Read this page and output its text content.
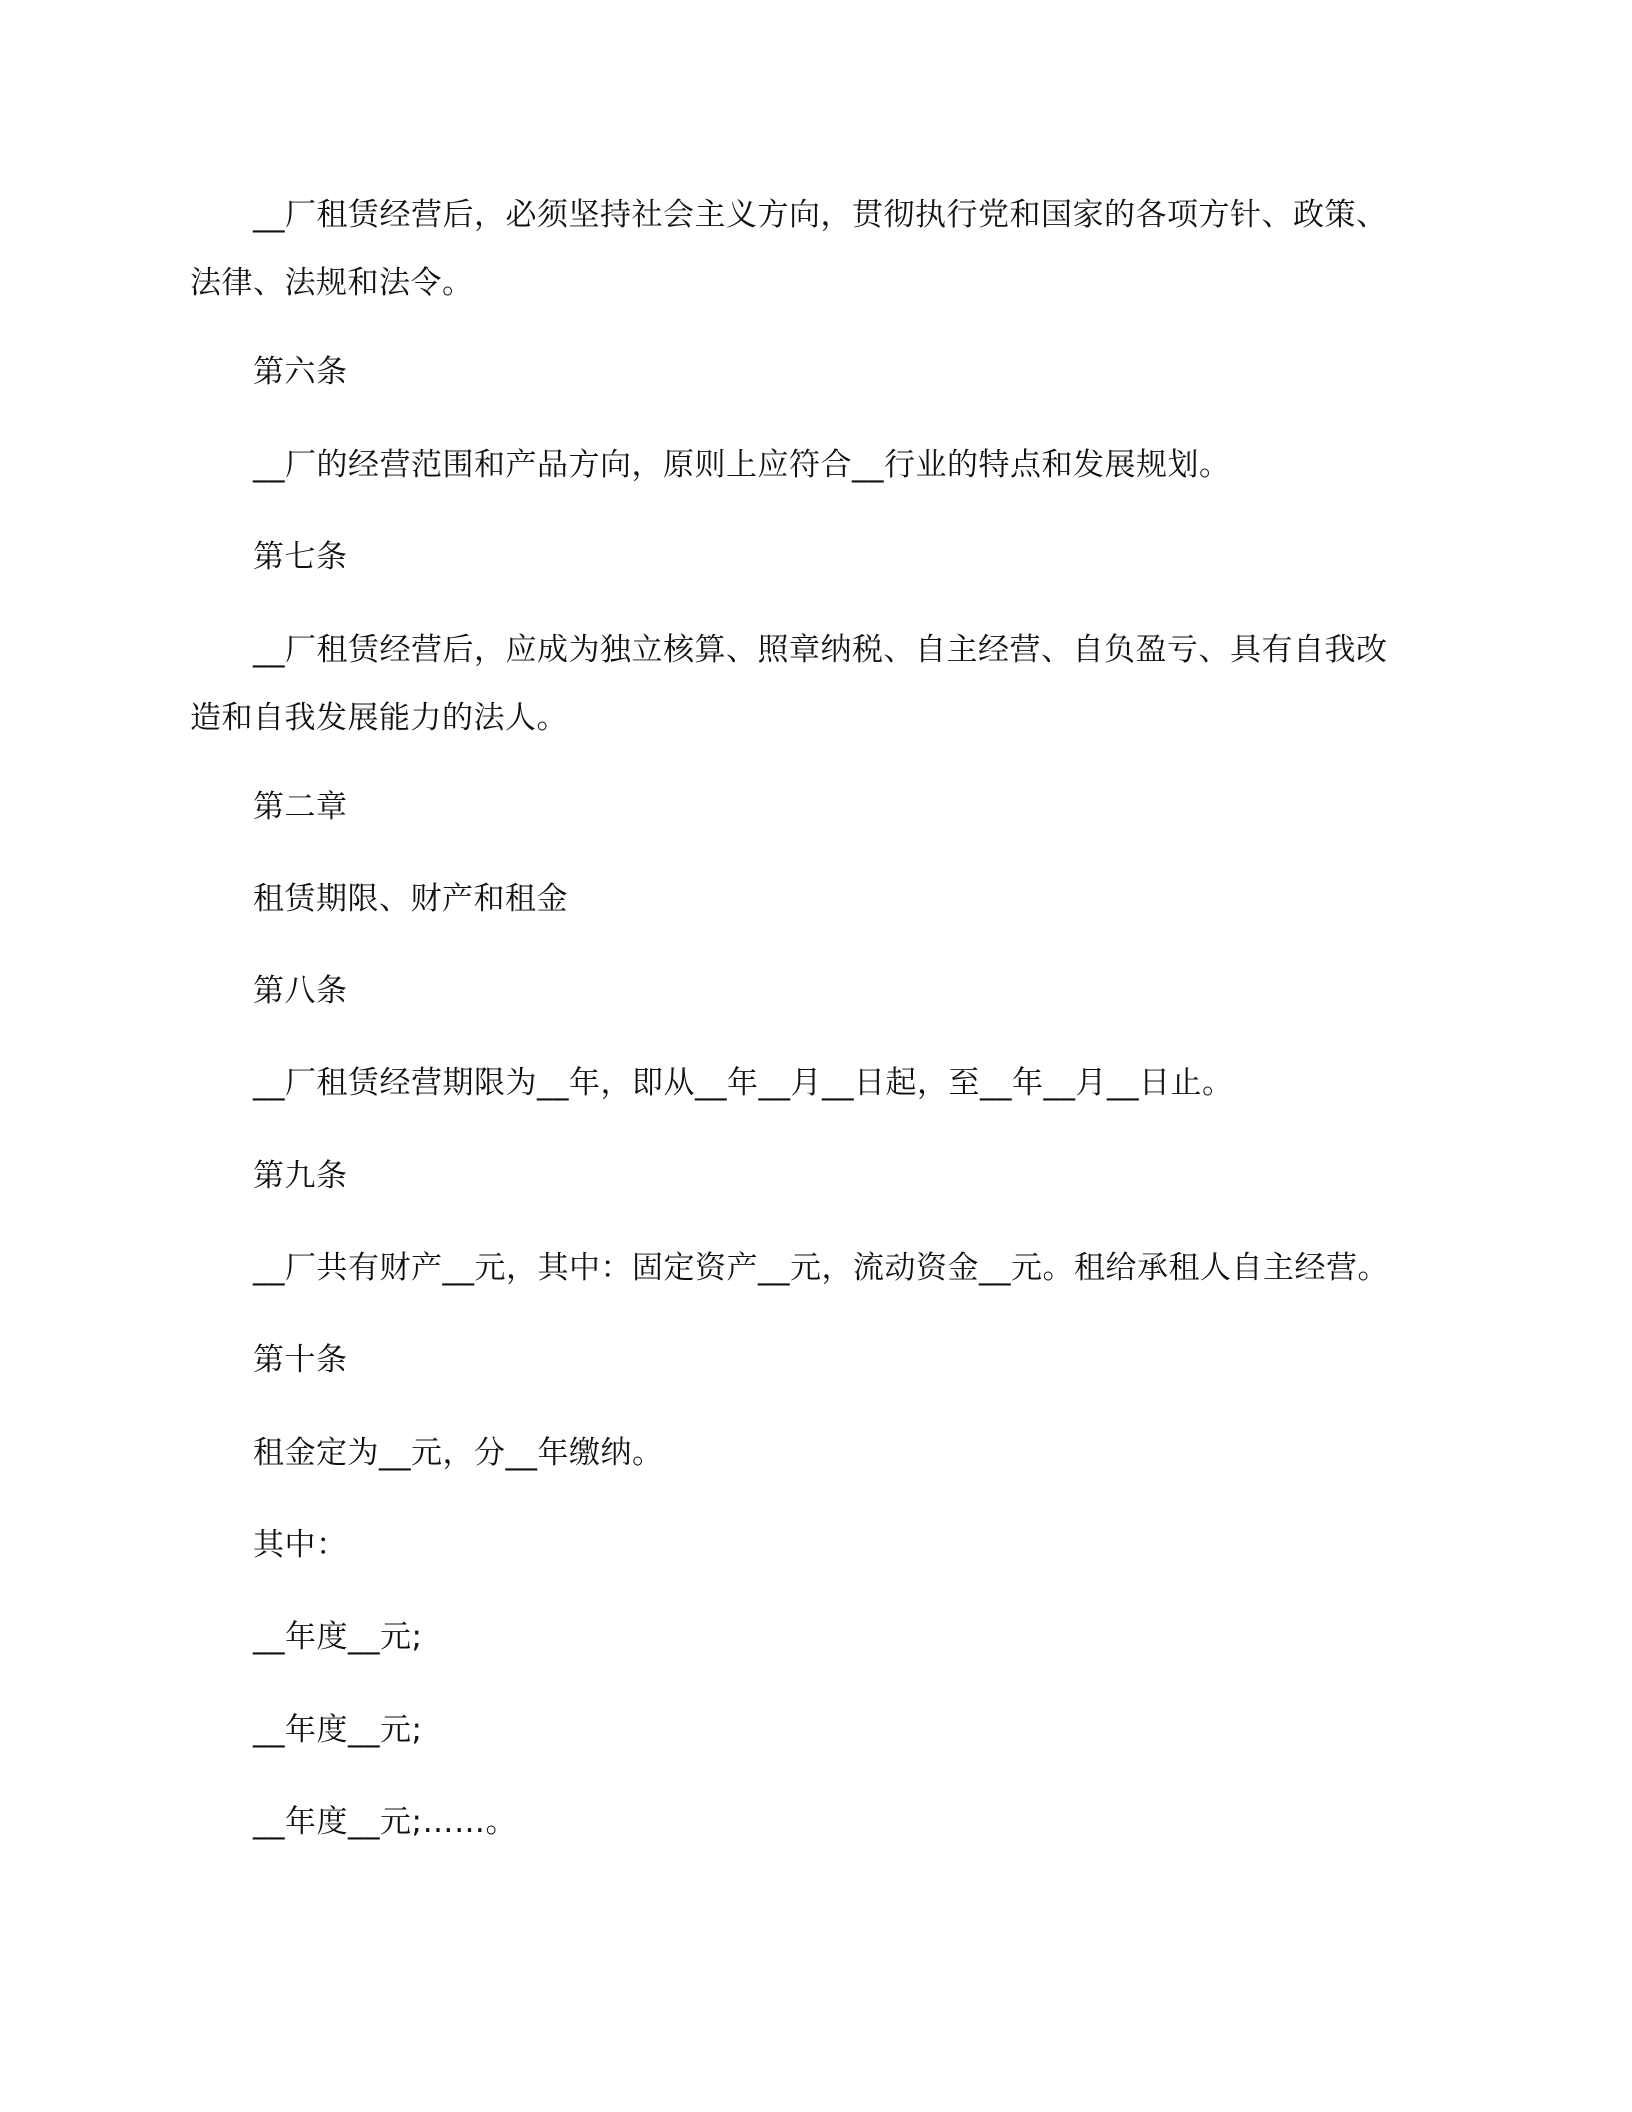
__厂租赁经营后，必须坚持社会主义方向，贯彻执行党和国家的各项方针、政策、
法律、法规和法令。
第六条
__厂的经营范围和产品方向，原则上应符合__行业的特点和发展规划。
第七条
__厂租赁经营后，应成为独立核算、照章纳税、自主经营、自负盈亏、具有自我改
造和自我发展能力的法人。
第二章
租赁期限、财产和租金
第八条
__厂租赁经营期限为__年，即从__年__月__日起，至__年__月__日止。
第九条
__厂共有财产__元，其中：固定资产__元，流动资金__元。租给承租人自主经营。
第十条
租金定为__元，分__年缴纳。
其中：
__年度__元;
__年度__元;
__年度__元;……。
